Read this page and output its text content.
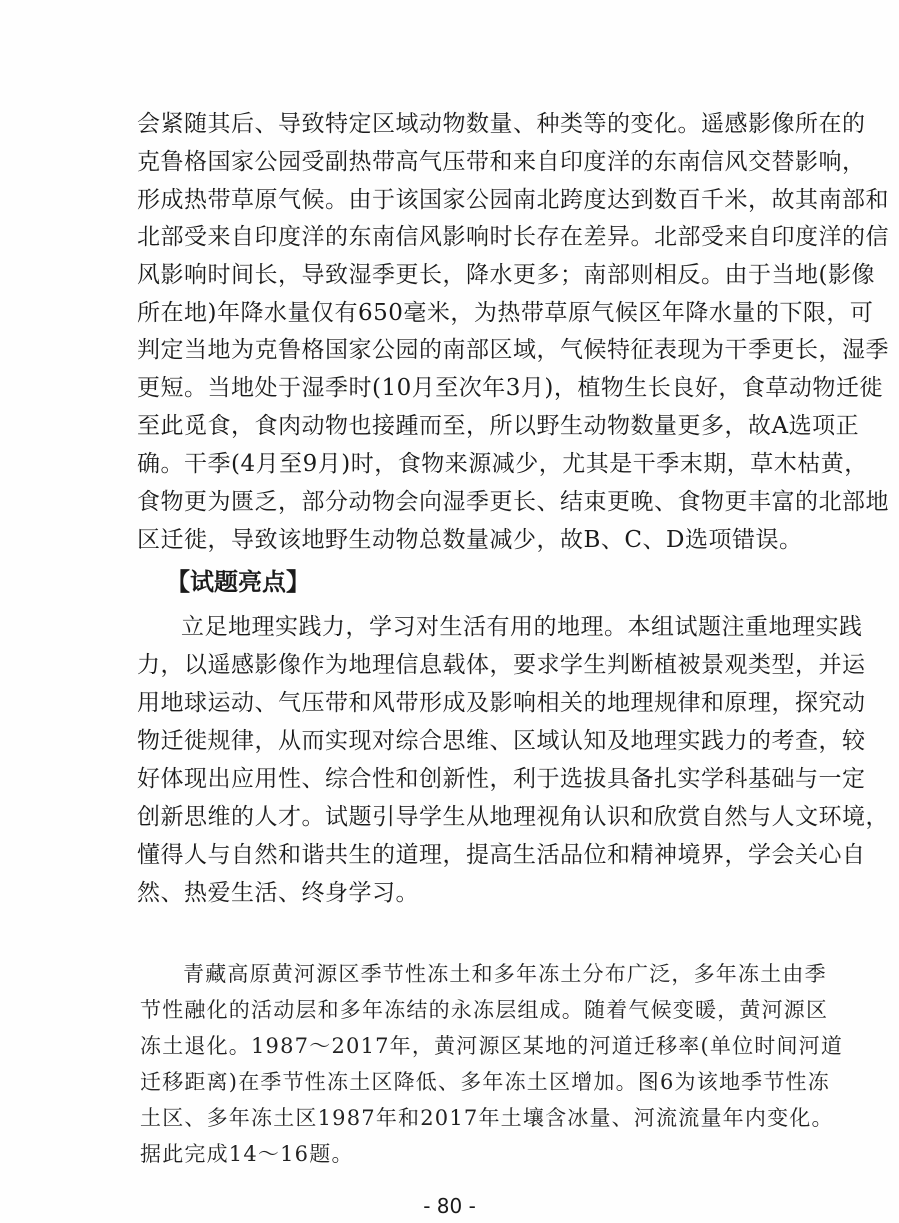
会紧随其后、导致特定区域动物数量、种类等的变化。遥感影像所在的
克鲁格国家公园受副热带高气压带和来自印度洋的东南信风交替影响，
形成热带草原气候。由于该国家公园南北跨度达到数百千米，故其南部和
北部受来自印度洋的东南信风影响时长存在差异。北部受来自印度洋的信
风影响时间长，导致湿季更长，降水更多；南部则相反。由于当地(影像
所在地)年降水量仅有650毫米，为热带草原气候区年降水量的下限，可
判定当地为克鲁格国家公园的南部区域，气候特征表现为干季更长，湿季
更短。当地处于湿季时(10月至次年3月)，植物生长良好，食草动物迁徙
至此觅食，食肉动物也接踵而至，所以野生动物数量更多，故A选项正
确。干季(4月至9月)时，食物来源减少，尤其是干季末期，草木枯黄，
食物更为匮乏，部分动物会向湿季更长、结束更晚、食物更丰富的北部地
区迁徙，导致该地野生动物总数量减少，故B、C、D选项错误。
【试题亮点】
立足地理实践力，学习对生活有用的地理。本组试题注重地理实践
力，以遥感影像作为地理信息载体，要求学生判断植被景观类型，并运
用地球运动、气压带和风带形成及影响相关的地理规律和原理，探究动
物迁徙规律，从而实现对综合思维、区域认知及地理实践力的考查，较
好体现出应用性、综合性和创新性，利于选拔具备扎实学科基础与一定
创新思维的人才。试题引导学生从地理视角认识和欣赏自然与人文环境，
懂得人与自然和谐共生的道理，提高生活品位和精神境界，学会关心自
然、热爱生活、终身学习。
青藏高原黄河源区季节性冻土和多年冻土分布广泛，多年冻土由季
节性融化的活动层和多年冻结的永冻层组成。随着气候变暖，黄河源区
冻土退化。1987～2017年，黄河源区某地的河道迁移率(单位时间河道
迁移距离)在季节性冻土区降低、多年冻土区增加。图6为该地季节性冻
土区、多年冻土区1987年和2017年土壤含冰量、河流流量年内变化。
据此完成14～16题。
- 80 -
